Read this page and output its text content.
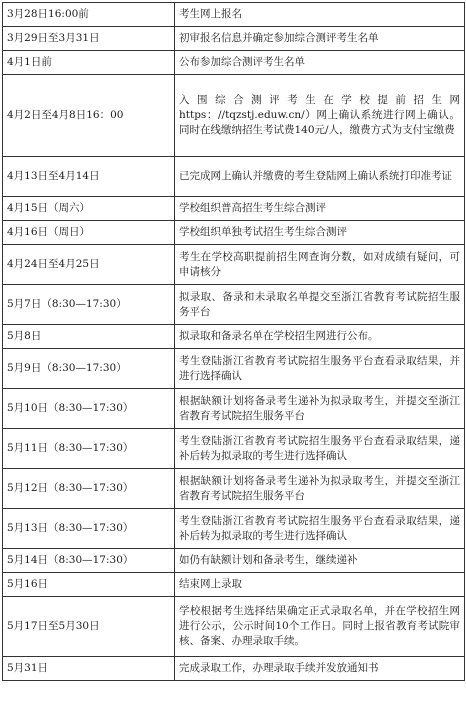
3月28日16:00前	考生网上报名
3月29日至3月31日	初审报名信息并确定参加综合测评考生名单
4月1日前	公布参加综合测评考生名单
4月2日至4月8日16：00	入围综合测评考生在学校提前招生网https：//tqzstj.eduw.cn/）网上确认系统进行网上确认。同时在线缴纳招生考试费140元/人，缴费方式为支付宝缴费
4月13日至4月14日	已完成网上确认并缴费的考生登陆网上确认系统打印准考证
4月15日（周六）	学校组织普高招生考生综合测评
4月16日（周日）	学校组织单独考试招生考生综合测评
4月24日至4月25日	考生在学校高职提前招生网查询分数，如对成绩有疑问，可申请核分
5月7日（8:30—17:30）	拟录取、备录和未录取名单提交至浙江省教育考试院招生服务平台
5月8日	拟录取和备录名单在学校招生网进行公布。
5月9日（8:30—17:30）	考生登陆浙江省教育考试院招生服务平台查看录取结果，并进行选择确认
5月10日（8:30—17:30）	根据缺额计划将备录考生递补为拟录取考生，并提交至浙江省教育考试院招生服务平台
5月11日（8:30—17:30）	考生登陆浙江省教育考试院招生服务平台查看录取结果，递补后转为拟录取的考生进行选择确认
5月12日（8:30—17:30）	根据缺额计划将备录考生递补为拟录取考生，并提交至浙江省教育考试院招生服务平台
5月13日（8:30—17:30）	考生登陆浙江省教育考试院招生服务平台查看录取结果，递补后转为拟录取的考生进行选择确认
5月14日（8:30—17:30）	如仍有缺额计划和备录考生，继续递补
5月16日	结束网上录取
5月17日至5月30日	学校根据考生选择结果确定正式录取名单，并在学校招生网进行公示，公示时间10个工作日。同时上报省教育考试院审核、备案、办理录取手续。
5月31日	完成录取工作，办理录取手续并发放通知书
